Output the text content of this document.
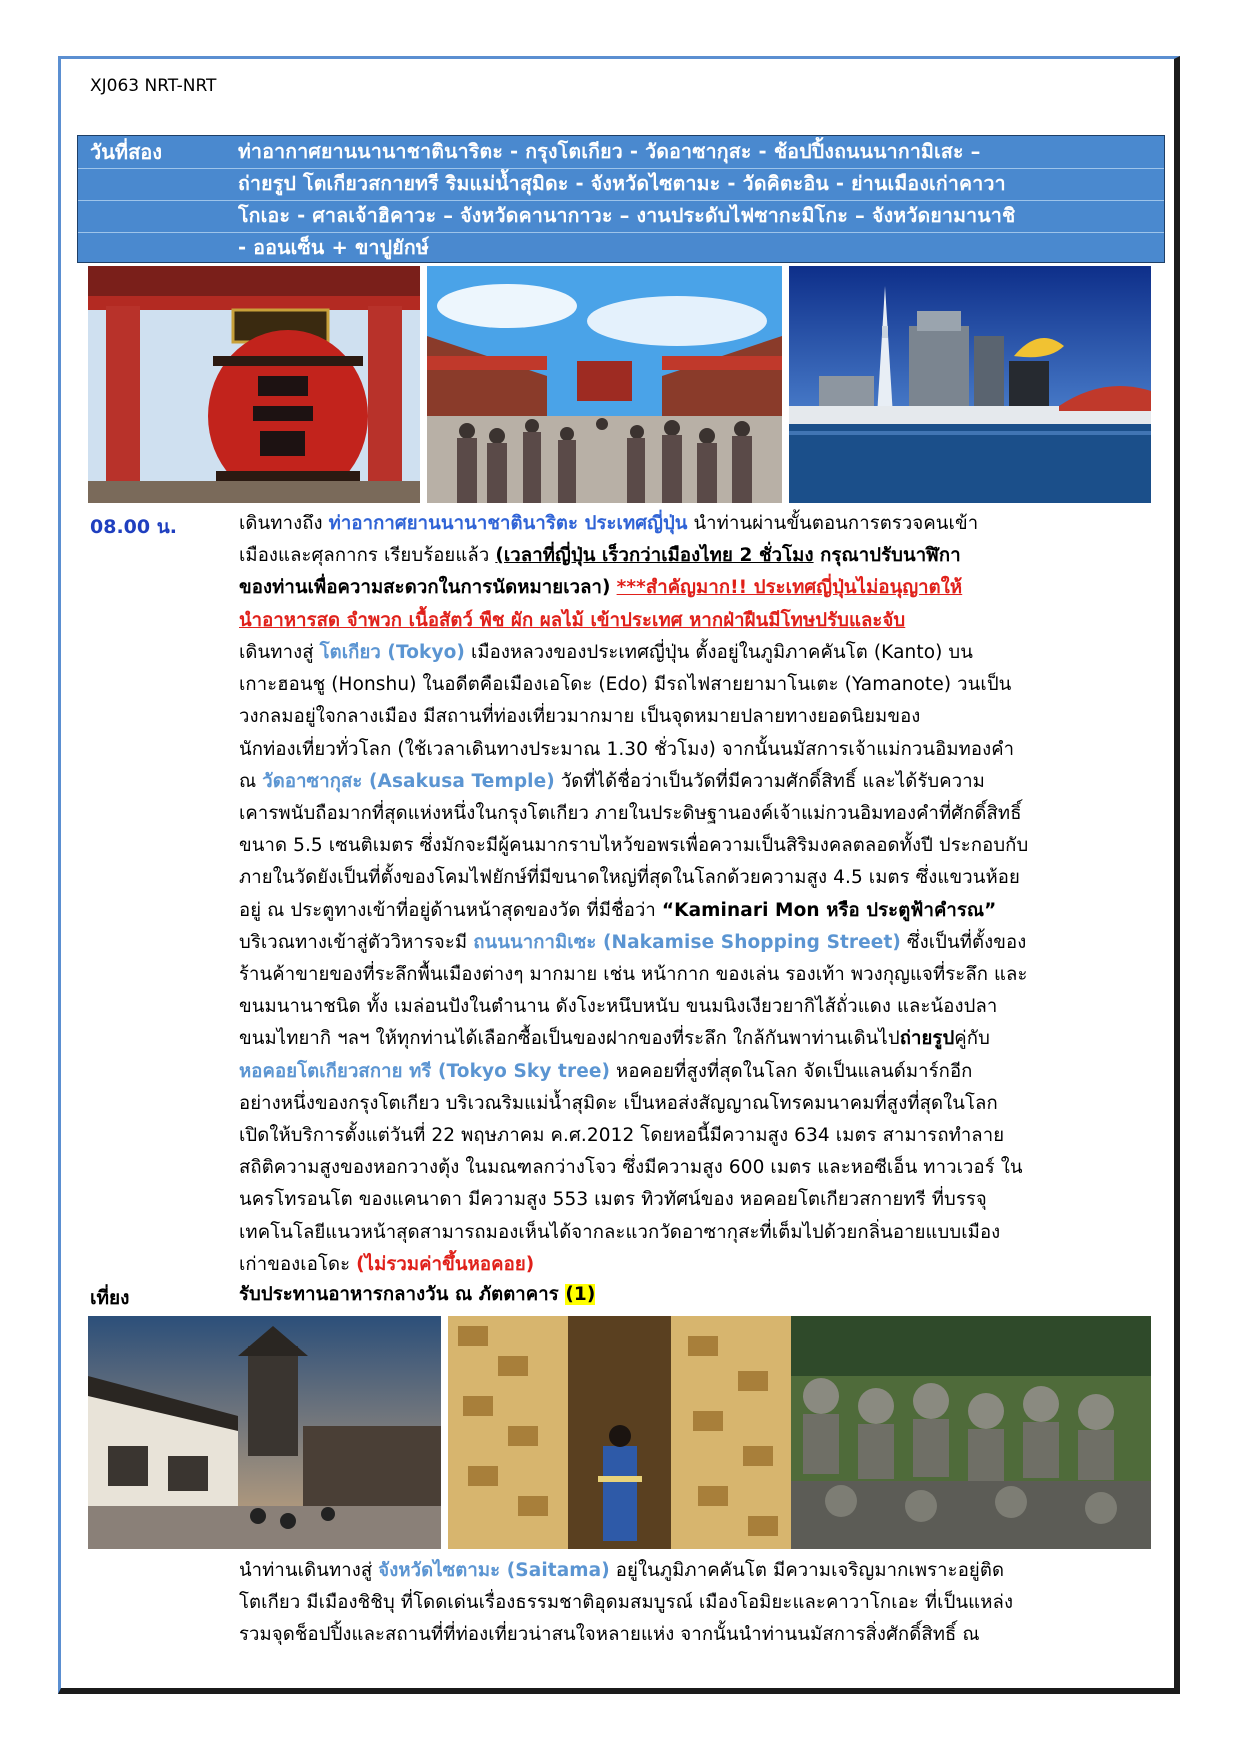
XJ063 NRT-NRT
วันที่สอง	ท่าอากาศยานนานาชาตินาริตะ - กรุงโตเกียว - วัดอาซากุสะ - ช้อปปิ้งถนนนากามิเสะ –
ถ่ายรูป โตเกียวสกายทรี ริมแม่น้ำสุมิดะ - จังหวัดไซตามะ - วัดคิตะอิน - ย่านเมืองเก่าคาวา
โกเอะ - ศาลเจ้าฮิคาวะ – จังหวัดคานากาวะ – งานประดับไฟซากะมิโกะ – จังหวัดยามานาชิ
- ออนเซ็น + ขาปูยักษ์
08.00 น.	เดินทางถึง ท่าอากาศยานนานาชาตินาริตะ ประเทศญี่ปุ่น นำท่านผ่านขั้นตอนการตรวจคนเข้า
เมืองและศุลกากร เรียบร้อยแล้ว (เวลาที่ญี่ปุ่น เร็วกว่าเมืองไทย 2 ชั่วโมง กรุณาปรับนาฬิกา
ของท่านเพื่อความสะดวกในการนัดหมายเวลา) ***สำคัญมาก!! ประเทศญี่ปุ่นไม่อนุญาตให้
นำอาหารสด จำพวก เนื้อสัตว์ พืช ผัก ผลไม้ เข้าประเทศ หากฝ่าฝืนมีโทษปรับและจับ
เดินทางสู่ โตเกียว (Tokyo) เมืองหลวงของประเทศญี่ปุ่น ตั้งอยู่ในภูมิภาคคันโต (Kanto) บน
เกาะฮอนชู (Honshu) ในอดีตคือเมืองเอโดะ (Edo) มีรถไฟสายยามาโนเตะ (Yamanote) วนเป็น
วงกลมอยู่ใจกลางเมือง มีสถานที่ท่องเที่ยวมากมาย เป็นจุดหมายปลายทางยอดนิยมของ
นักท่องเที่ยวทั่วโลก (ใช้เวลาเดินทางประมาณ 1.30 ชั่วโมง) จากนั้นนมัสการเจ้าแม่กวนอิมทองคำ
ณ วัดอาซากุสะ (Asakusa Temple) วัดที่ได้ชื่อว่าเป็นวัดที่มีความศักดิ์สิทธิ์ และได้รับความ
เคารพนับถือมากที่สุดแห่งหนึ่งในกรุงโตเกียว ภายในประดิษฐานองค์เจ้าแม่กวนอิมทองคำที่ศักดิ์สิทธิ์
ขนาด 5.5 เซนติเมตร ซึ่งมักจะมีผู้คนมากราบไหว้ขอพรเพื่อความเป็นสิริมงคลตลอดทั้งปี ประกอบกับ
ภายในวัดยังเป็นที่ตั้งของโคมไฟยักษ์ที่มีขนาดใหญ่ที่สุดในโลกด้วยความสูง 4.5 เมตร ซึ่งแขวนห้อย
อยู่ ณ ประตูทางเข้าที่อยู่ด้านหน้าสุดของวัด ที่มีชื่อว่า “Kaminari Mon หรือ ประตูฟ้าคำรณ”
บริเวณทางเข้าสู่ตัววิหารจะมี ถนนนากามิเซะ (Nakamise Shopping Street) ซึ่งเป็นที่ตั้งของ
ร้านค้าขายของที่ระลึกพื้นเมืองต่างๆ มากมาย เช่น หน้ากาก ของเล่น รองเท้า พวงกุญแจที่ระลึก และ
ขนมนานาชนิด ทั้ง เมล่อนปังในตำนาน ดังโงะหนึบหนับ ขนมนิงเงียวยากิไส้ถั่วแดง และน้องปลา
ขนมไทยากิ ฯลฯ ให้ทุกท่านได้เลือกซื้อเป็นของฝากของที่ระลึก ใกล้กันพาท่านเดินไปถ่ายรูปคู่กับ
หอคอยโตเกียวสกาย ทรี (Tokyo Sky tree) หอคอยที่สูงที่สุดในโลก จัดเป็นแลนด์มาร์กอีก
อย่างหนึ่งของกรุงโตเกียว บริเวณริมแม่น้ำสุมิดะ เป็นหอส่งสัญญาณโทรคมนาคมที่สูงที่สุดในโลก
เปิดให้บริการตั้งแต่วันที่ 22 พฤษภาคม ค.ศ.2012 โดยหอนี้มีความสูง 634 เมตร สามารถทำลาย
สถิติความสูงของหอกวางตุ้ง ในมณฑลกว่างโจว ซึ่งมีความสูง 600 เมตร และหอซีเอ็น ทาวเวอร์ ใน
นครโทรอนโต ของแคนาดา มีความสูง 553 เมตร ทิวทัศน์ของ หอคอยโตเกียวสกายทรี ที่บรรจุ
เทคโนโลยีแนวหน้าสุดสามารถมองเห็นได้จากละแวกวัดอาซากุสะที่เต็มไปด้วยกลิ่นอายแบบเมือง
เก่าของเอโดะ (ไม่รวมค่าขึ้นหอคอย)
เที่ยง	รับประทานอาหารกลางวัน ณ ภัตตาคาร (1)
นำท่านเดินทางสู่ จังหวัดไซตามะ (Saitama) อยู่ในภูมิภาคคันโต มีความเจริญมากเพราะอยู่ติด
โตเกียว มีเมืองชิชิบุ ที่โดดเด่นเรื่องธรรมชาติอุดมสมบูรณ์ เมืองโอมิยะและคาวาโกเอะ ที่เป็นแหล่ง
รวมจุดช็อปปิ้งและสถานที่ที่ท่องเที่ยวน่าสนใจหลายแห่ง จากนั้นนำท่านนมัสการสิ่งศักดิ์สิทธิ์ ณ
